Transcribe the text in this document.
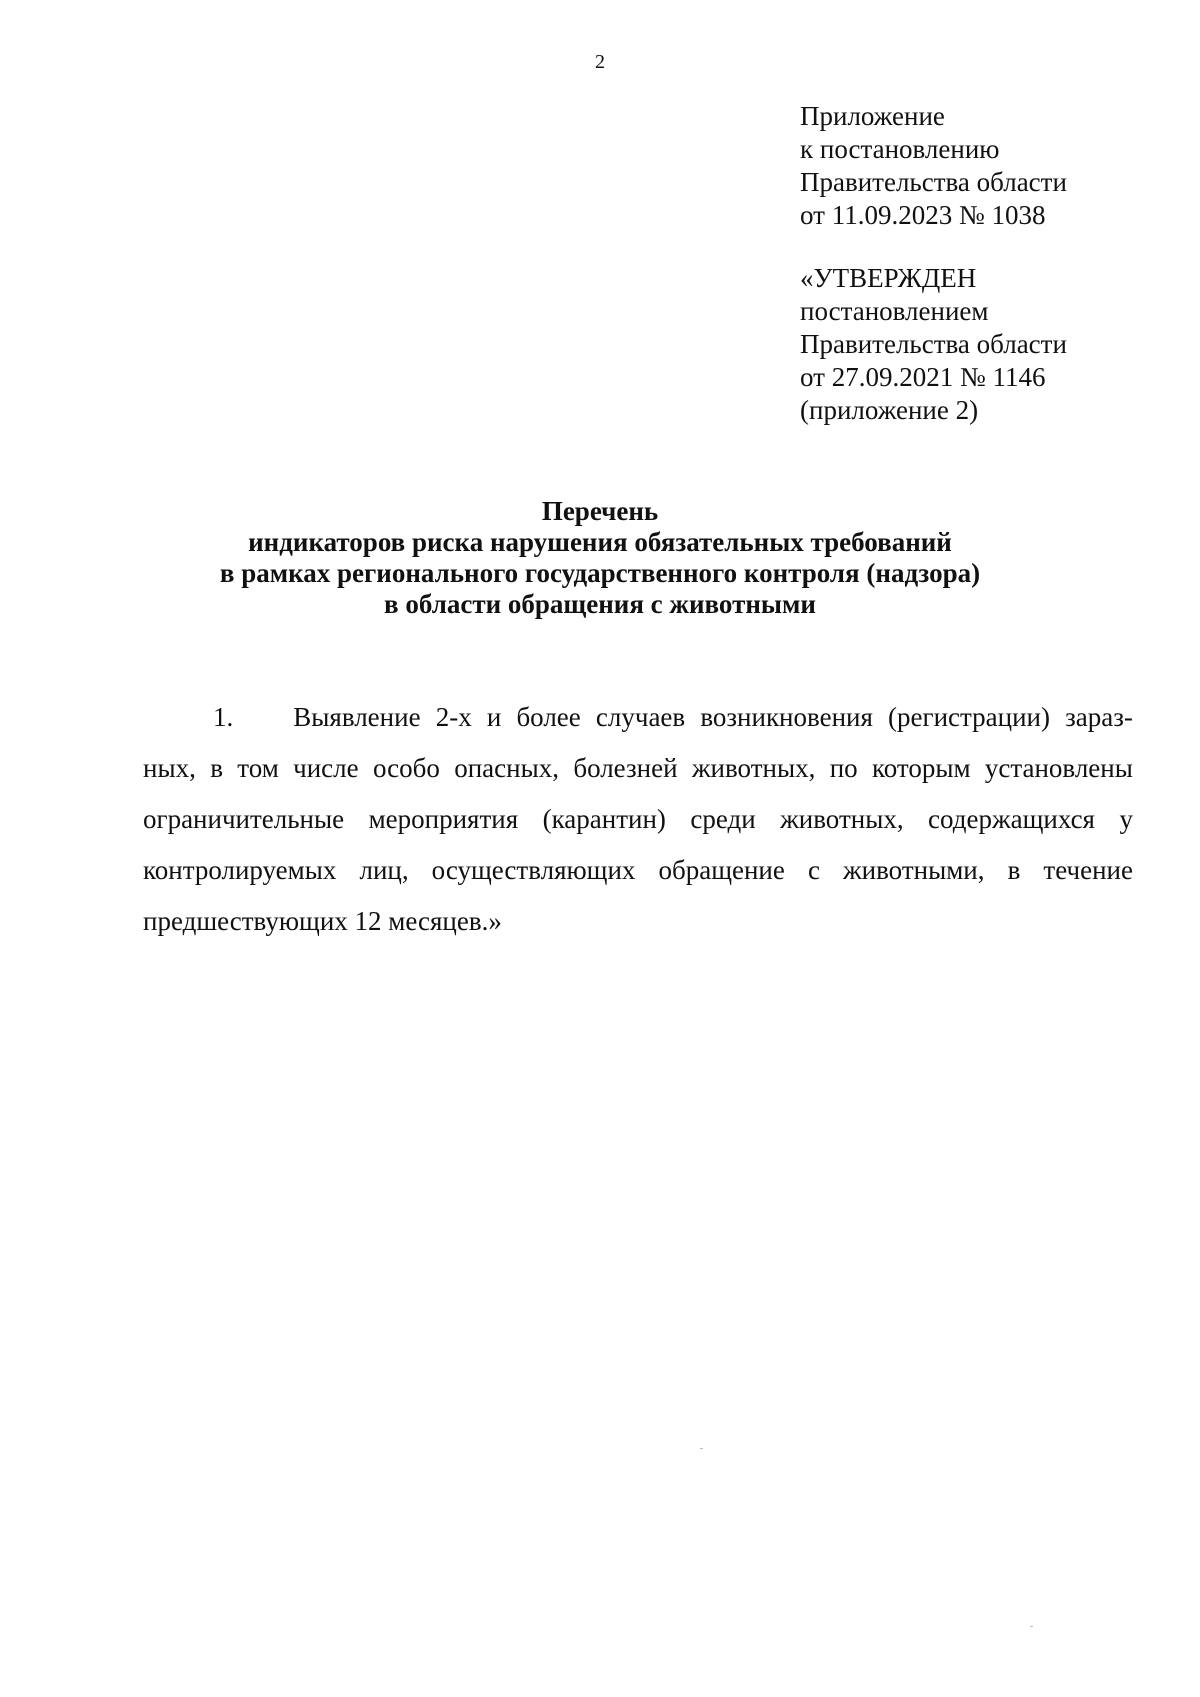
2
Приложение
к постановлению
Правительства области
от 11.09.2023 № 1038
«УТВЕРЖДЕН
постановлением
Правительства области
от 27.09.2021 № 1146
(приложение 2)
Перечень
индикаторов риска нарушения обязательных требований
в рамках регионального государственного контроля (надзора)
в области обращения с животными
1. Выявление 2-х и более случаев возникновения (регистрации) зараз-
ных, в том числе особо опасных, болезней животных, по которым установлены
ограничительные мероприятия (карантин) среди животных, содержащихся у
контролируемых лиц, осуществляющих обращение с животными, в течение
предшествующих 12 месяцев.»
